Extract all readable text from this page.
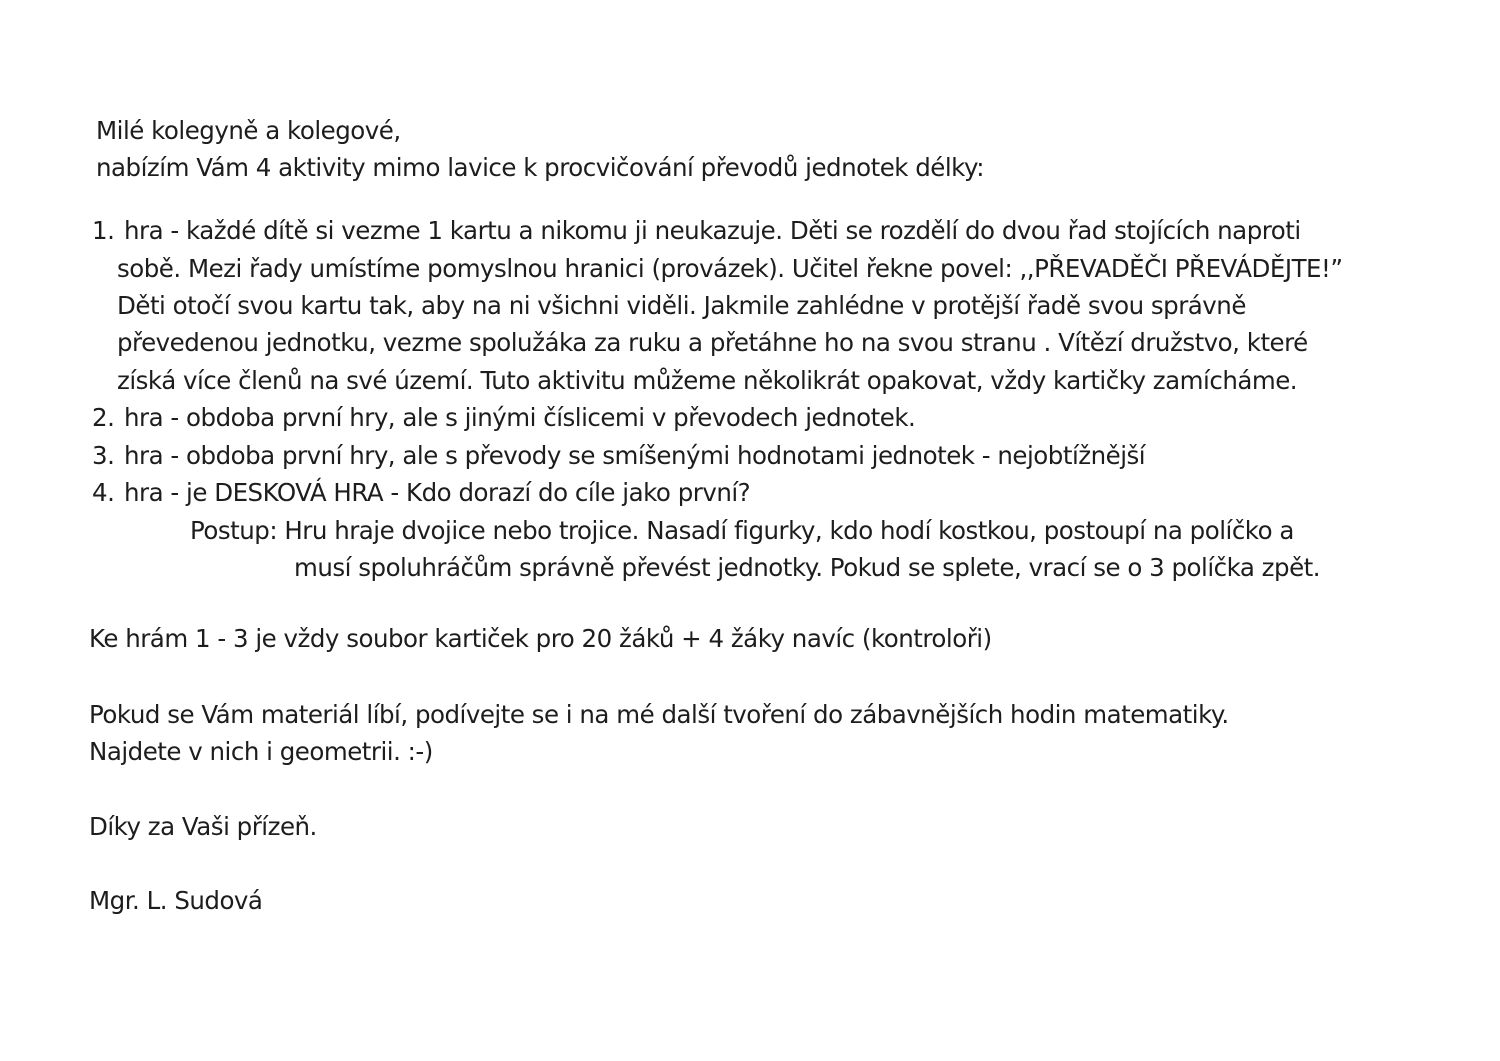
Milé kolegyně a kolegové,
nabízím Vám 4 aktivity mimo lavice k procvičování převodů jednotek délky:
1. hra - každé dítě si vezme 1 kartu a nikomu ji neukazuje. Děti se rozdělí do dvou řad stojících naproti
sobě. Mezi řady umístíme pomyslnou hranici (provázek). Učitel řekne povel: ,,PŘEVADĚČI PŘEVÁDĚJTE!”
Děti otočí svou kartu tak, aby na ni všichni viděli. Jakmile zahlédne v protější řadě svou správně
převedenou jednotku, vezme spolužáka za ruku a přetáhne ho na svou stranu . Vítězí družstvo, které
získá více členů na své území. Tuto aktivitu můžeme několikrát opakovat, vždy kartičky zamícháme.
2. hra - obdoba první hry, ale s jinými číslicemi v převodech jednotek.
3. hra - obdoba první hry, ale s převody se smíšenými hodnotami jednotek - nejobtížnější
4. hra - je DESKOVÁ HRA - Kdo dorazí do cíle jako první?
Postup: Hru hraje dvojice nebo trojice. Nasadí figurky, kdo hodí kostkou, postoupí na políčko a
musí spoluhráčům správně převést jednotky. Pokud se splete, vrací se o 3 políčka zpět.
Ke hrám 1 - 3 je vždy soubor kartiček pro 20 žáků + 4 žáky navíc (kontroloři)
Pokud se Vám materiál líbí, podívejte se i na mé další tvoření do zábavnějších hodin matematiky.
Najdete v nich i geometrii. :-)
Díky za Vaši přízeň.
Mgr. L. Sudová
